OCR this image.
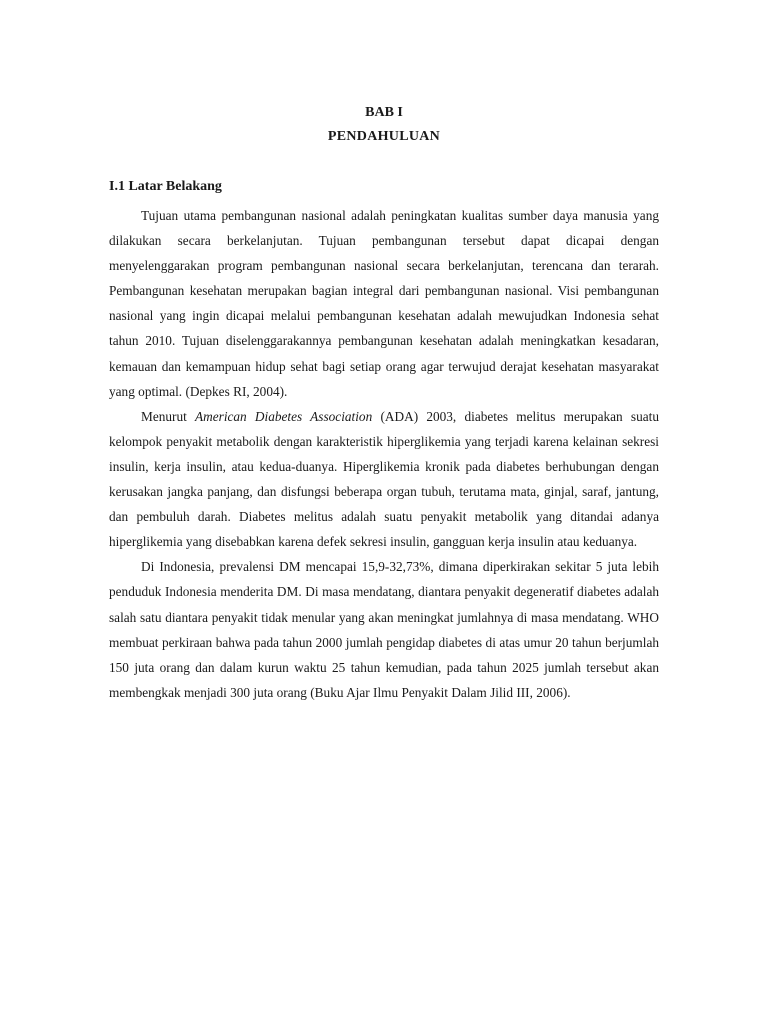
BAB I
PENDAHULUAN
I.1 Latar Belakang

Tujuan utama pembangunan nasional adalah peningkatan kualitas sumber daya manusia yang dilakukan secara berkelanjutan. Tujuan pembangunan tersebut dapat dicapai dengan menyelenggarakan program pembangunan nasional secara berkelanjutan, terencana dan terarah. Pembangunan kesehatan merupakan bagian integral dari pembangunan nasional. Visi pembangunan nasional yang ingin dicapai melalui pembangunan kesehatan adalah mewujudkan Indonesia sehat tahun 2010. Tujuan diselenggarakannya pembangunan kesehatan adalah meningkatkan kesadaran, kemauan dan kemampuan hidup sehat bagi setiap orang agar terwujud derajat kesehatan masyarakat yang optimal. (Depkes RI, 2004).

Menurut American Diabetes Association (ADA) 2003, diabetes melitus merupakan suatu kelompok penyakit metabolik dengan karakteristik hiperglikemia yang terjadi karena kelainan sekresi insulin, kerja insulin, atau kedua-duanya. Hiperglikemia kronik pada diabetes berhubungan dengan kerusakan jangka panjang, dan disfungsi beberapa organ tubuh, terutama mata, ginjal, saraf, jantung, dan pembuluh darah. Diabetes melitus adalah suatu penyakit metabolik yang ditandai adanya hiperglikemia yang disebabkan karena defek sekresi insulin, gangguan kerja insulin atau keduanya.

Di Indonesia, prevalensi DM mencapai 15,9-32,73%, dimana diperkirakan sekitar 5 juta lebih penduduk Indonesia menderita DM. Di masa mendatang, diantara penyakit degeneratif diabetes adalah salah satu diantara penyakit tidak menular yang akan meningkat jumlahnya di masa mendatang. WHO membuat perkiraan bahwa pada tahun 2000 jumlah pengidap diabetes di atas umur 20 tahun berjumlah 150 juta orang dan dalam kurun waktu 25 tahun kemudian, pada tahun 2025 jumlah tersebut akan membengkak menjadi 300 juta orang (Buku Ajar Ilmu Penyakit Dalam Jilid III, 2006).
